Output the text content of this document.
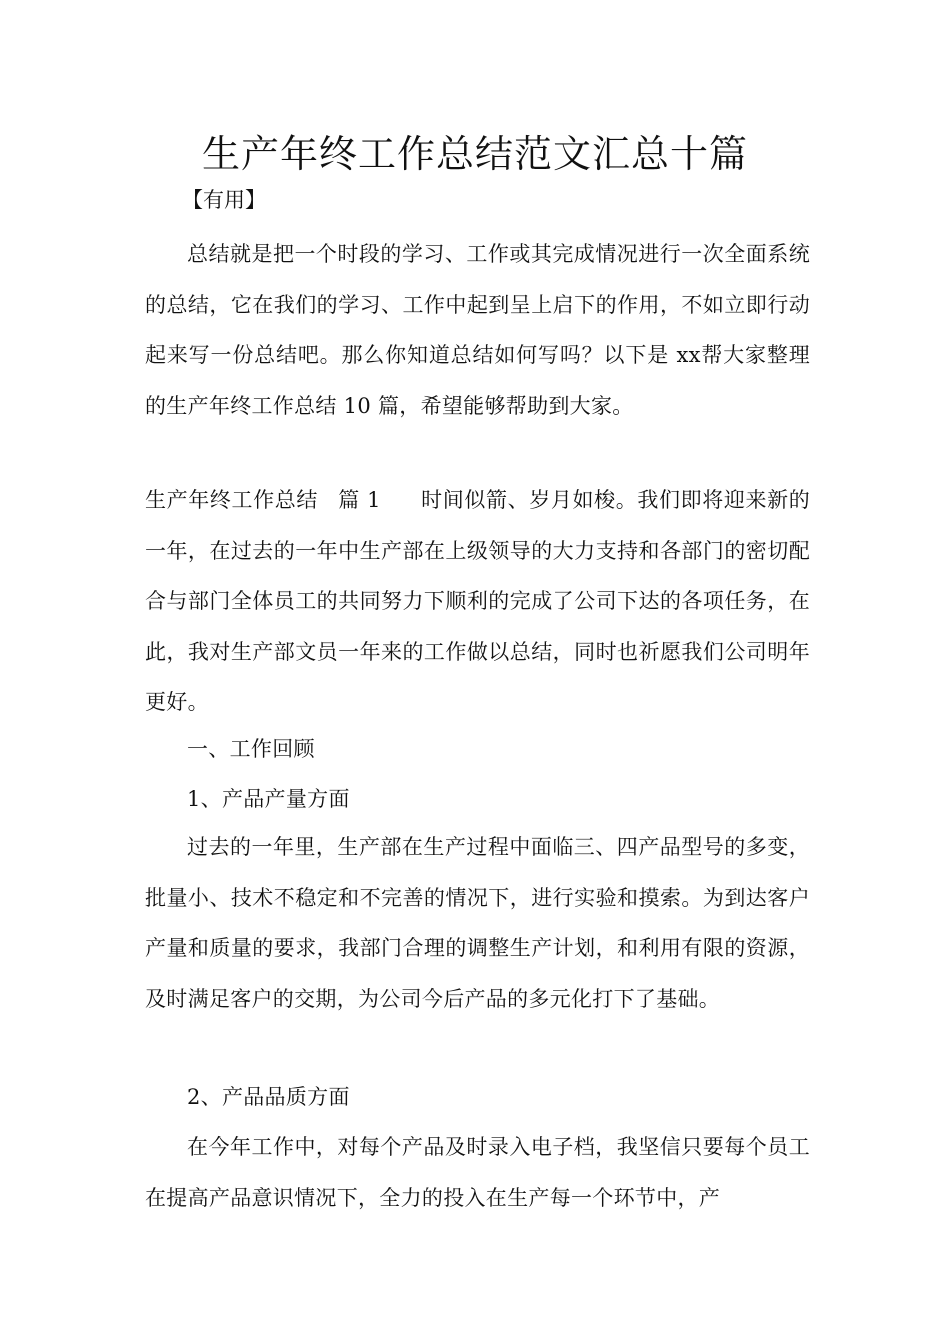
生产年终工作总结范文汇总十篇

【有用】

总结就是把一个时段的学习、工作或其完成情况进行一次全面系统的总结，它在我们的学习、工作中起到呈上启下的作用，不如立即行动起来写一份总结吧。那么你知道总结如何写吗？以下是 xx帮大家整理的生产年终工作总结 10 篇，希望能够帮助到大家。

生产年终工作总结 篇 1 时间似箭、岁月如梭。我们即将迎来新的一年，在过去的一年中生产部在上级领导的大力支持和各部门的密切配合与部门全体员工的共同努力下顺利的完成了公司下达的各项任务，在此，我对生产部文员一年来的工作做以总结，同时也祈愿我们公司明年更好。

一、工作回顾

1、产品产量方面

过去的一年里，生产部在生产过程中面临三、四产品型号的多变，批量小、技术不稳定和不完善的情况下，进行实验和摸索。为到达客户产量和质量的要求，我部门合理的调整生产计划，和利用有限的资源，及时满足客户的交期，为公司今后产品的多元化打下了基础。

2、产品品质方面

在今年工作中，对每个产品及时录入电子档，我坚信只要每个员工在提高产品意识情况下，全力的投入在生产每一个环节中，产
